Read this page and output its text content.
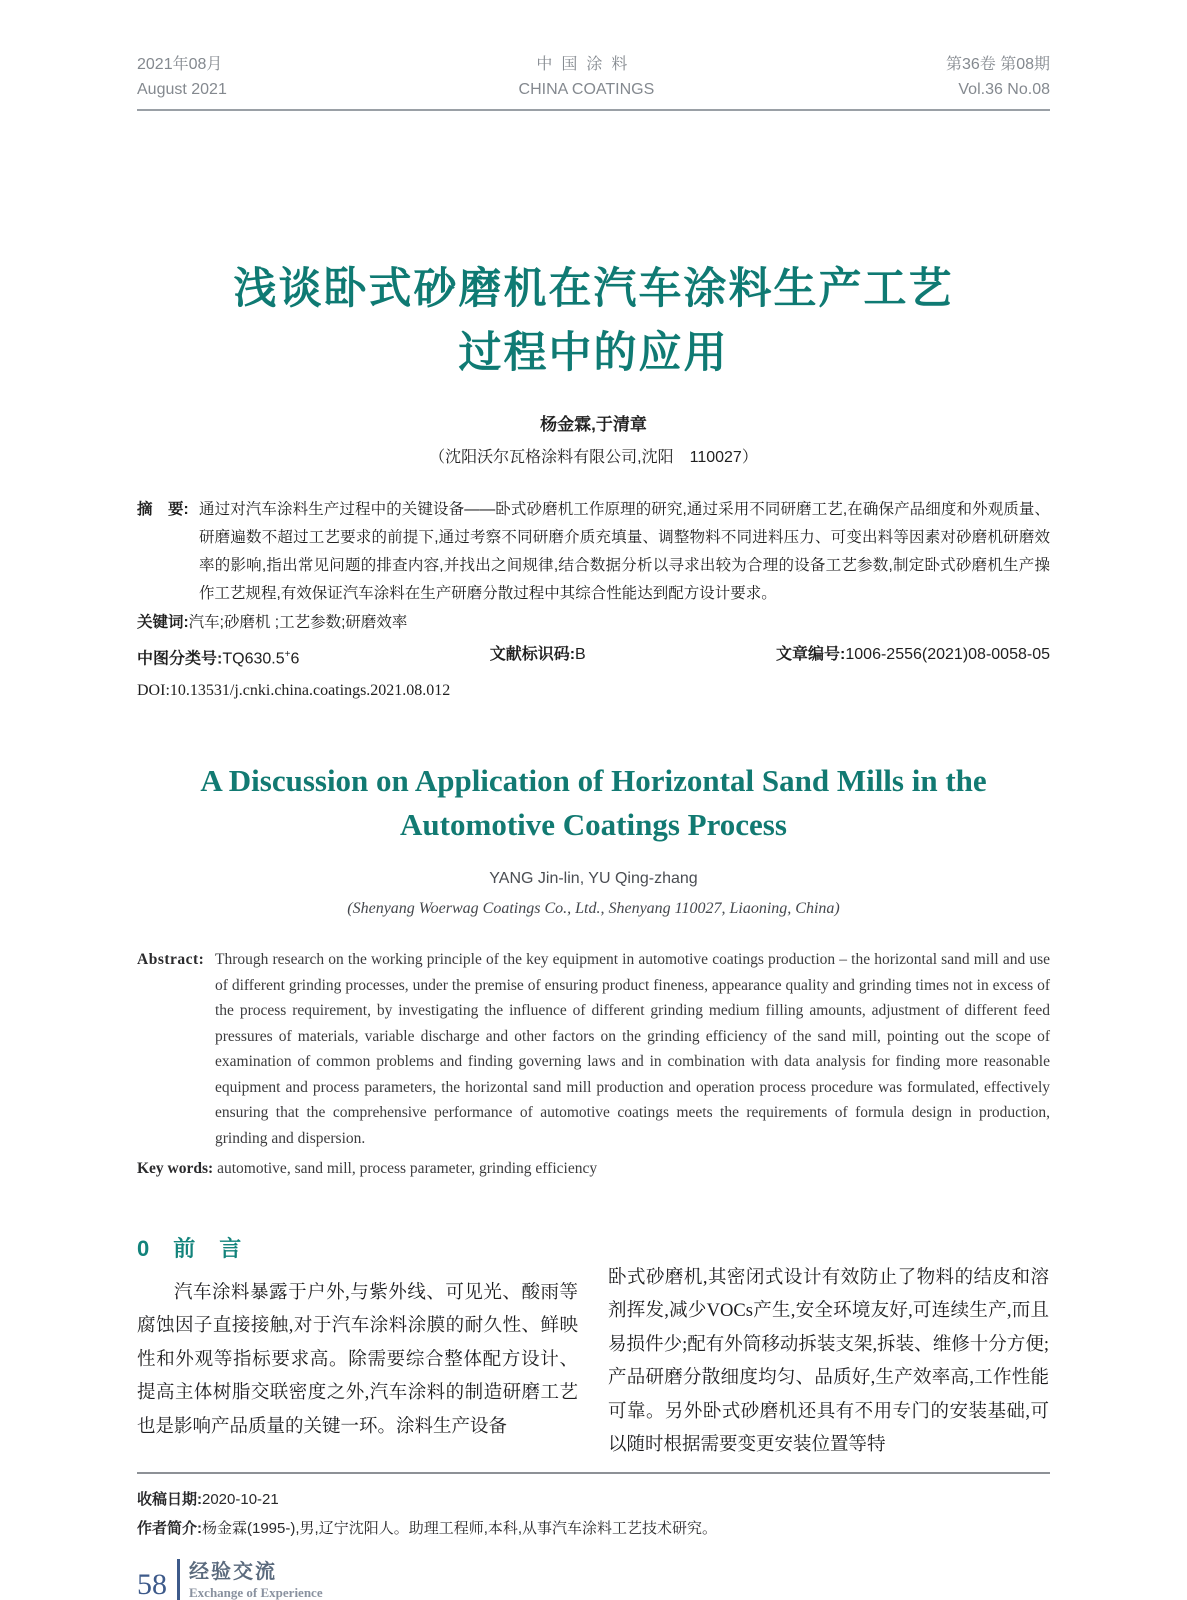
2021年08月
August 2021
中国涂料
CHINA COATINGS
第36卷 第08期
Vol.36 No.08
浅谈卧式砂磨机在汽车涂料生产工艺
过程中的应用
杨金霖,于清章
（沈阳沃尔瓦格涂料有限公司,沈阳　110027）
摘　要: 通过对汽车涂料生产过程中的关键设备——卧式砂磨机工作原理的研究,通过采用不同研磨工艺,在确保产品细度和外观质量、研磨遍数不超过工艺要求的前提下,通过考察不同研磨介质充填量、调整物料不同进料压力、可变出料等因素对砂磨机研磨效率的影响,指出常见问题的排查内容,并找出之间规律,结合数据分析以寻求出较为合理的设备工艺参数,制定卧式砂磨机生产操作工艺规程,有效保证汽车涂料在生产研磨分散过程中其综合性能达到配方设计要求。
关键词:汽车;砂磨机 ;工艺参数;研磨效率
中图分类号:TQ630.5+6	文献标识码:B	文章编号:1006-2556(2021)08-0058-05
DOI:10.13531/j.cnki.china.coatings.2021.08.012
A Discussion on Application of Horizontal Sand Mills in the
Automotive Coatings Process
YANG Jin-lin, YU Qing-zhang
(Shenyang Woerwag Coatings Co., Ltd., Shenyang 110027, Liaoning, China)
Abstract: Through research on the working principle of the key equipment in automotive coatings production – the horizontal sand mill and use of different grinding processes, under the premise of ensuring product fineness, appearance quality and grinding times not in excess of the process requirement, by investigating the influence of different grinding medium filling amounts, adjustment of different feed pressures of materials, variable discharge and other factors on the grinding efficiency of the sand mill, pointing out the scope of examination of common problems and finding governing laws and in combination with data analysis for finding more reasonable equipment and process parameters, the horizontal sand mill production and operation process procedure was formulated, effectively ensuring that the comprehensive performance of automotive coatings meets the requirements of formula design in production, grinding and dispersion.
Key words: automotive, sand mill, process parameter, grinding efficiency
0　前　言

汽车涂料暴露于户外,与紫外线、可见光、酸雨等腐蚀因子直接接触,对于汽车涂料涂膜的耐久性、鲜映性和外观等指标要求高。除需要综合整体配方设计、提高主体树脂交联密度之外,汽车涂料的制造研磨工艺也是影响产品质量的关键一环。涂料生产设备

卧式砂磨机,其密闭式设计有效防止了物料的结皮和溶剂挥发,减少VOCs产生,安全环境友好,可连续生产,而且易损件少;配有外筒移动拆装支架,拆装、维修十分方便;产品研磨分散细度均匀、品质好,生产效率高,工作性能可靠。另外卧式砂磨机还具有不用专门的安装基础,可以随时根据需要变更安装位置等特

收稿日期:2020-10-21
作者简介:杨金霖(1995-),男,辽宁沈阳人。助理工程师,本科,从事汽车涂料工艺技术研究。
58 经验交流
Exchange of Experience
